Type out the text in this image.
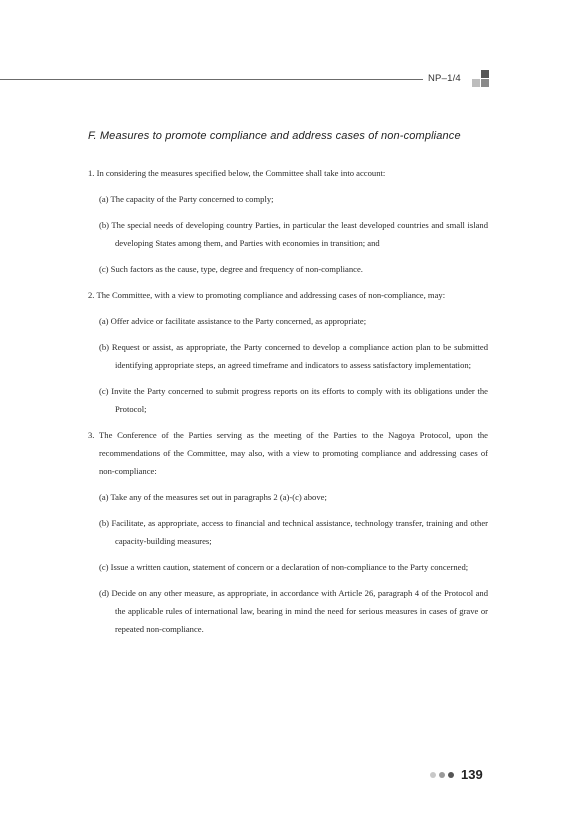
NP–1/4
F. Measures to promote compliance and address cases of non-compliance

1. In considering the measures specified below, the Committee shall take into account:

(a) The capacity of the Party concerned to comply;

(b) The special needs of developing country Parties, in particular the least developed countries and small island developing States among them, and Parties with economies in transition; and

(c) Such factors as the cause, type, degree and frequency of non-compliance.

2. The Committee, with a view to promoting compliance and addressing cases of non-compliance, may:

(a) Offer advice or facilitate assistance to the Party concerned, as appropriate;

(b) Request or assist, as appropriate, the Party concerned to develop a compliance action plan to be submitted identifying appropriate steps, an agreed timeframe and indicators to assess satisfactory implementation;

(c) Invite the Party concerned to submit progress reports on its efforts to comply with its obligations under the Protocol;

3. The Conference of the Parties serving as the meeting of the Parties to the Nagoya Protocol, upon the recommendations of the Committee, may also, with a view to promoting compliance and addressing cases of non-compliance:

(a) Take any of the measures set out in paragraphs 2 (a)-(c) above;

(b) Facilitate, as appropriate, access to financial and technical assistance, technology transfer, training and other capacity-building measures;

(c) Issue a written caution, statement of concern or a declaration of non-compliance to the Party concerned;

(d) Decide on any other measure, as appropriate, in accordance with Article 26, paragraph 4 of the Protocol and the applicable rules of international law, bearing in mind the need for serious measures in cases of grave or repeated non-compliance.

139
